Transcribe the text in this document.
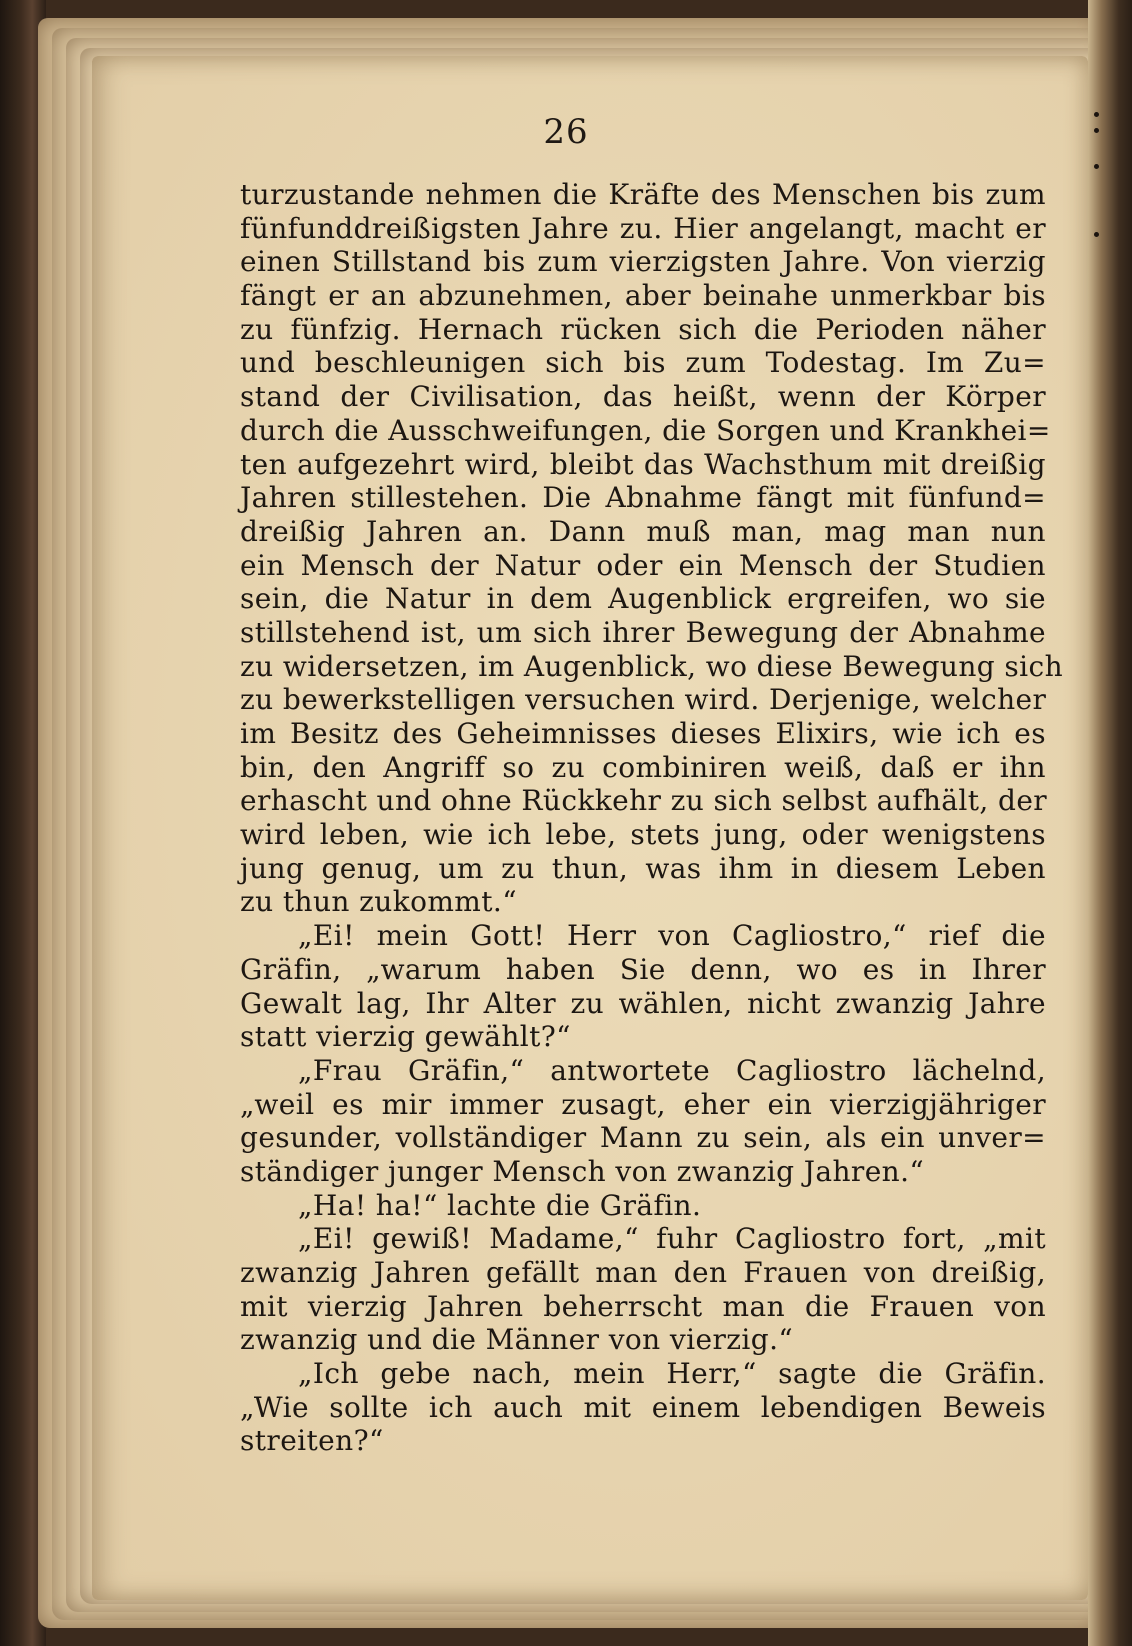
26
turzustande nehmen die Kräfte des Menschen bis zum
fünfunddreißigsten Jahre zu. Hier angelangt, macht er
einen Stillstand bis zum vierzigsten Jahre. Von vierzig
fängt er an abzunehmen, aber beinahe unmerkbar bis
zu fünfzig. Hernach rücken sich die Perioden näher
und beschleunigen sich bis zum Todestag. Im Zu=
stand der Civilisation, das heißt, wenn der Körper
durch die Ausschweifungen, die Sorgen und Krankhei=
ten aufgezehrt wird, bleibt das Wachsthum mit dreißig
Jahren stillestehen. Die Abnahme fängt mit fünfund=
dreißig Jahren an. Dann muß man, mag man nun
ein Mensch der Natur oder ein Mensch der Studien
sein, die Natur in dem Augenblick ergreifen, wo sie
stillstehend ist, um sich ihrer Bewegung der Abnahme
zu widersetzen, im Augenblick, wo diese Bewegung sich
zu bewerkstelligen versuchen wird. Derjenige, welcher
im Besitz des Geheimnisses dieses Elixirs, wie ich es
bin, den Angriff so zu combiniren weiß, daß er ihn
erhascht und ohne Rückkehr zu sich selbst aufhält, der
wird leben, wie ich lebe, stets jung, oder wenigstens
jung genug, um zu thun, was ihm in diesem Leben
zu thun zukommt.“
„Ei! mein Gott! Herr von Cagliostro,“ rief die
Gräfin, „warum haben Sie denn, wo es in Ihrer
Gewalt lag, Ihr Alter zu wählen, nicht zwanzig Jahre
statt vierzig gewählt?“
„Frau Gräfin,“ antwortete Cagliostro lächelnd,
„weil es mir immer zusagt, eher ein vierzigjähriger
gesunder, vollständiger Mann zu sein, als ein unver=
ständiger junger Mensch von zwanzig Jahren.“
„Ha! ha!“ lachte die Gräfin.
„Ei! gewiß! Madame,“ fuhr Cagliostro fort, „mit
zwanzig Jahren gefällt man den Frauen von dreißig,
mit vierzig Jahren beherrscht man die Frauen von
zwanzig und die Männer von vierzig.“
„Ich gebe nach, mein Herr,“ sagte die Gräfin.
„Wie sollte ich auch mit einem lebendigen Beweis
streiten?“
